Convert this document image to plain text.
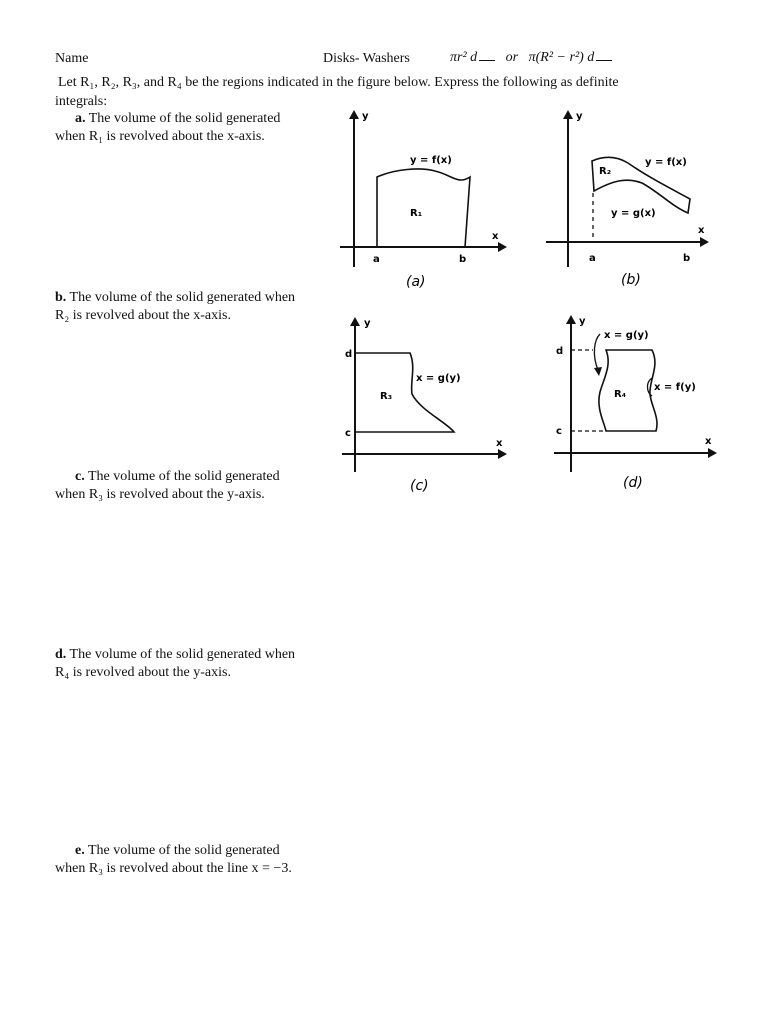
Name	Disks- Washers	πr² d or π(R² − r²) d
Let R₁, R₂, R₃, and R₄ be the regions indicated in the figure below. Express the following as definite
integrals:
a. The volume of the solid generated
when R₁ is revolved about the x-axis.
b. The volume of the solid generated when
R₂ is revolved about the x-axis.
c. The volume of the solid generated
when R₃ is revolved about the y-axis.
d. The volume of the solid generated when
R₄ is revolved about the y-axis.
e. The volume of the solid generated
when R₃ is revolved about the line x = −3.
y
x
y = f(x)
R₁
a	b
(a)
y
x
y = f(x)
y = g(x)
R₂
a	b
(b)
y
x
x = g(y)
R₃
d
c
(c)
y
x
x = g(y)
x = f(y)
R₄
d
c
(d)
